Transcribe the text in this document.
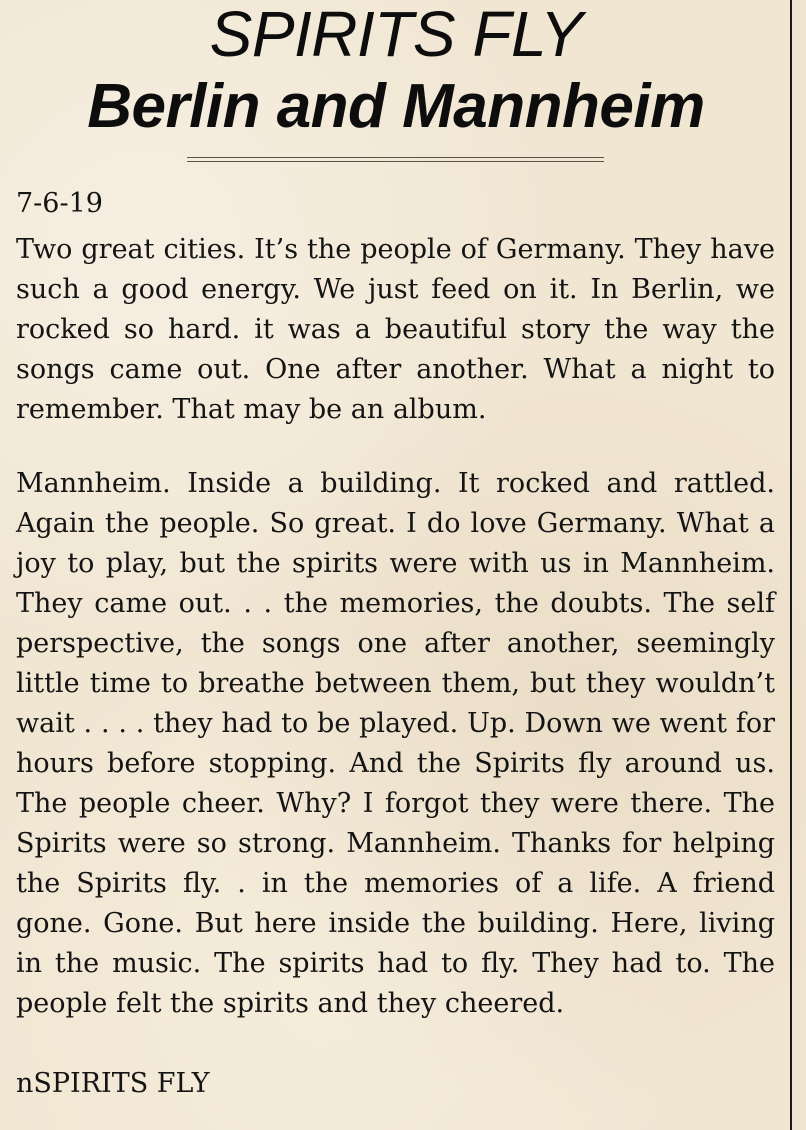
SPIRITS FLY
Berlin and Mannheim
7-6-19

Two great cities. It’s the people of Germany. They have such a good energy. We just feed on it. In Berlin, we rocked so hard. it was a beautiful story the way the songs came out. One after another. What a night to remember. That may be an album.

Mannheim. Inside a building. It rocked and rattled. Again the people. So great. I do love Germany. What a joy to play, but the spirits were with us in Mannheim. They came out. . . the memories, the doubts. The self perspective, the songs one after another, seemingly little time to breathe between them, but they wouldn’t wait . . . . they had to be played. Up. Down we went for hours before stopping. And the Spirits fly around us. The people cheer. Why? I forgot they were there. The Spirits were so strong. Mannheim. Thanks for helping the Spirits fly. . in the memories of a life. A friend gone. Gone. But here inside the building. Here, living in the music. The spirits had to fly. They had to. The people felt the spirits and they cheered.

nSPIRITS FLY
